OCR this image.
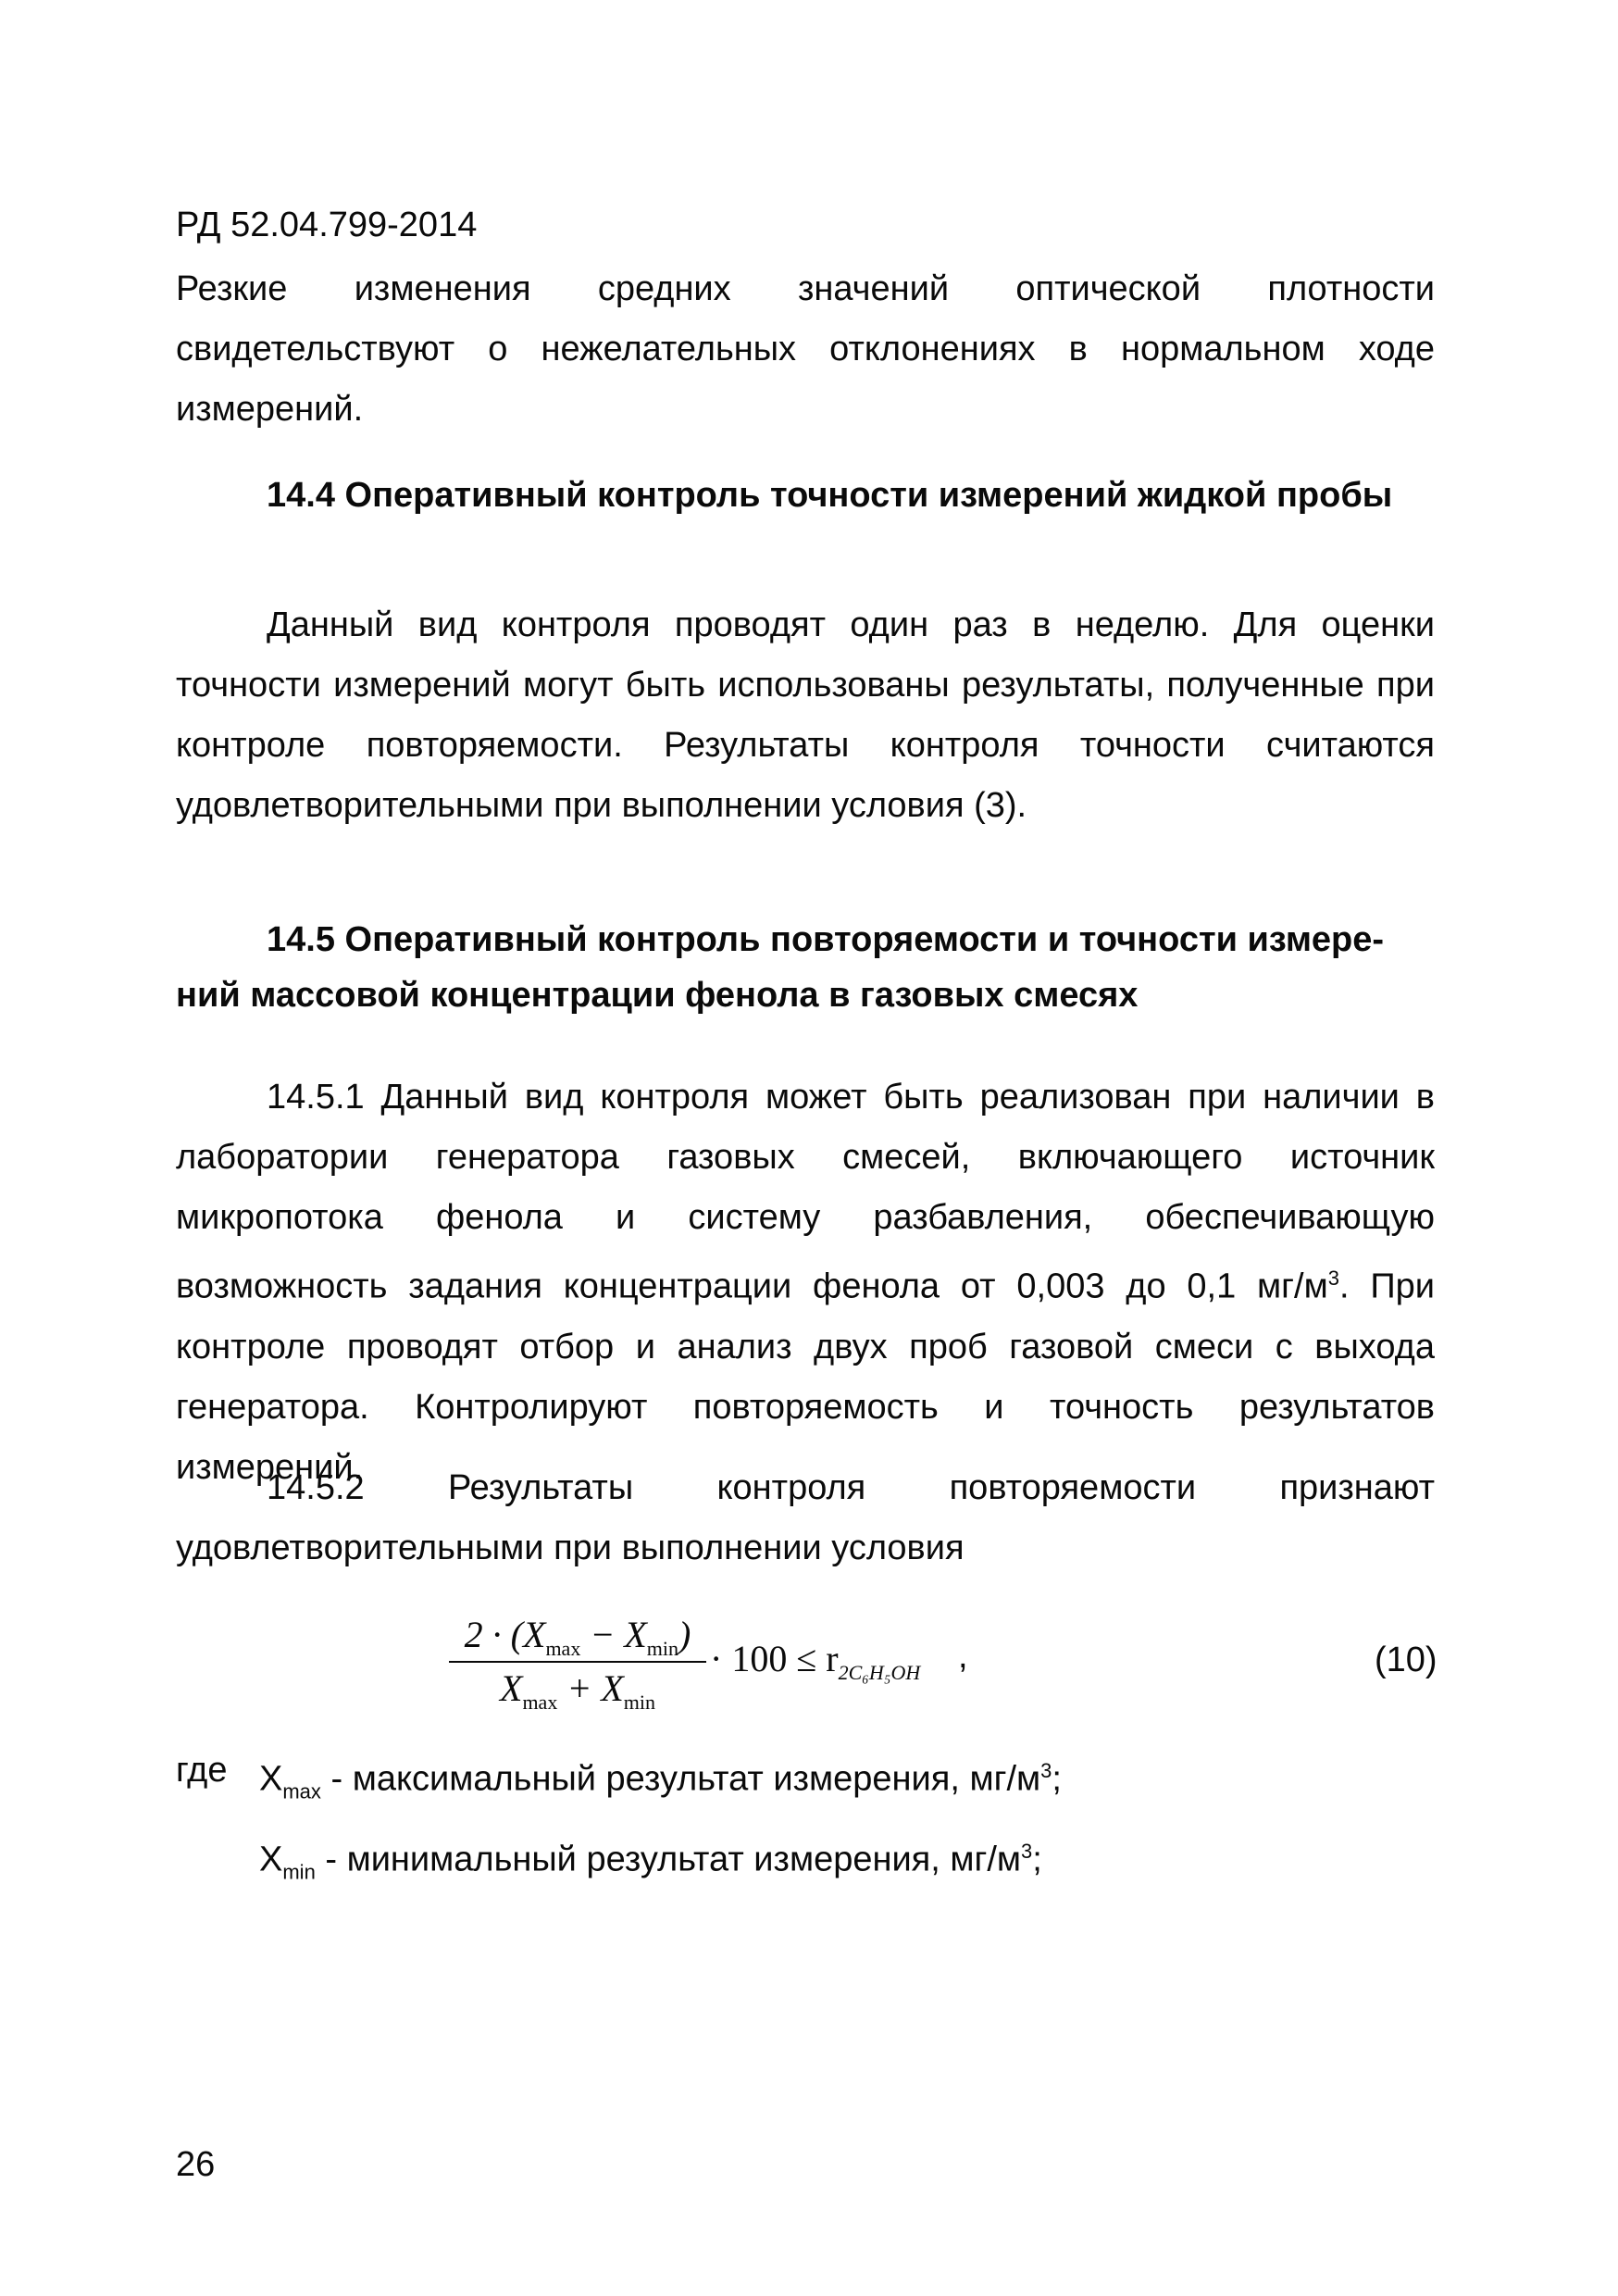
РД 52.04.799-2014

Резкие изменения средних значений оптической плотности свидетельствуют о нежелательных отклонениях в нормальном ходе измерений.

14.4 Оперативный контроль точности измерений жидкой пробы

Данный вид контроля проводят один раз в неделю. Для оценки точности измерений могут быть использованы результаты, полученные при контроле повторяемости. Результаты контроля точности считаются удовлетворительными при выполнении условия (3).

14.5 Оперативный контроль повторяемости и точности измере-
ний массовой концентрации фенола в газовых смесях

14.5.1 Данный вид контроля может быть реализован при наличии в лаборатории генератора газовых смесей, включающего источник микропотока фенола и систему разбавления, обеспечивающую возможность задания концентрации фенола от 0,003 до 0,1 $мг/м^3$. При контроле проводят отбор и анализ двух проб газовой смеси с выхода генератора. Контролируют повторяемость и точность результатов измерений.

14.5.2 Результаты контроля повторяемости признают удовлетворительными при выполнении условия

$2 \cdot (X_{max} - X_{min})$
$X_{max} + X_{min}$
· $100 \le r_{2C_6H_5OH}$ ,	(10)
где $X_{max}$ - максимальный результат измерения, $мг/м^3$;
$X_{min}$ - минимальный результат измерения, $мг/м^3$;
26
